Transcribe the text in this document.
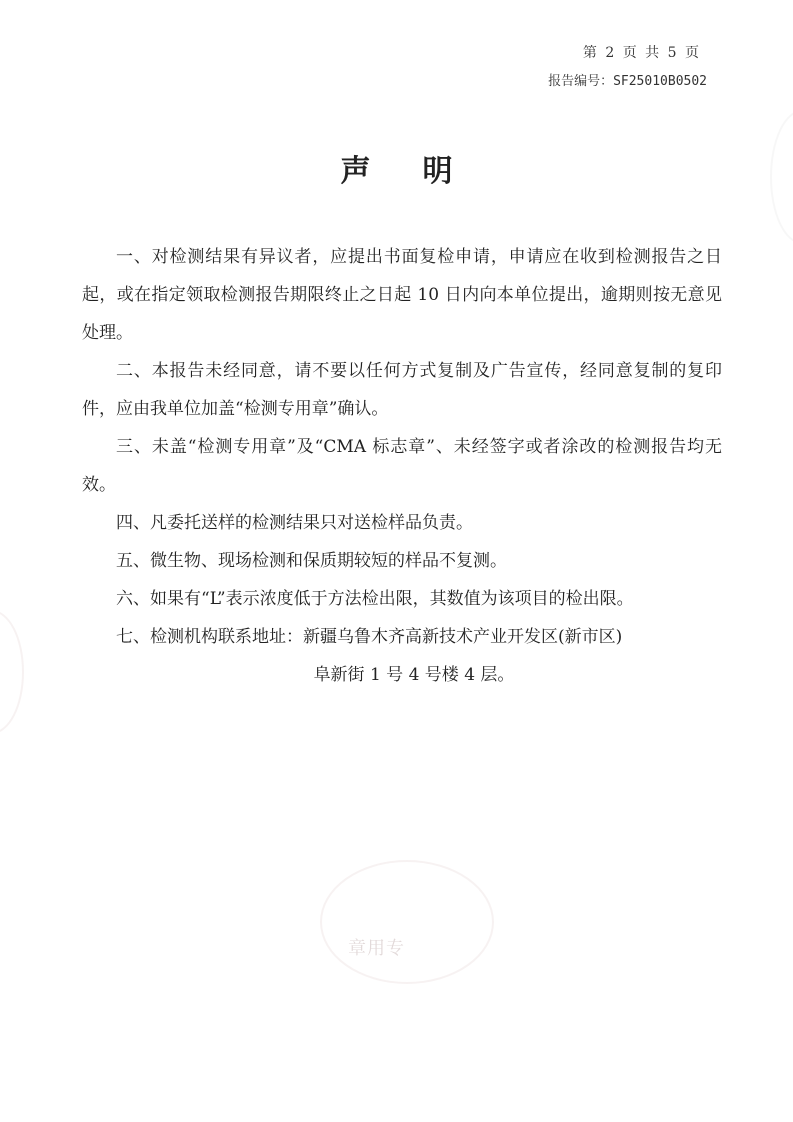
第 2 页 共 5 页
报告编号：SF25010B0502
声明

一、对检测结果有异议者，应提出书面复检申请，申请应在收到检测报告之日起，或在指定领取检测报告期限终止之日起 10 日内向本单位提出，逾期则按无意见处理。

二、本报告未经同意，请不要以任何方式复制及广告宣传，经同意复制的复印件，应由我单位加盖“检测专用章”确认。

三、未盖“检测专用章”及“CMA 标志章”、未经签字或者涂改的检测报告均无效。

四、凡委托送样的检测结果只对送检样品负责。

五、微生物、现场检测和保质期较短的样品不复测。

六、如果有“L”表示浓度低于方法检出限，其数值为该项目的检出限。

七、检测机构联系地址：新疆乌鲁木齐高新技术产业开发区(新市区)

阜新街 1 号 4 号楼 4 层。

章用专
